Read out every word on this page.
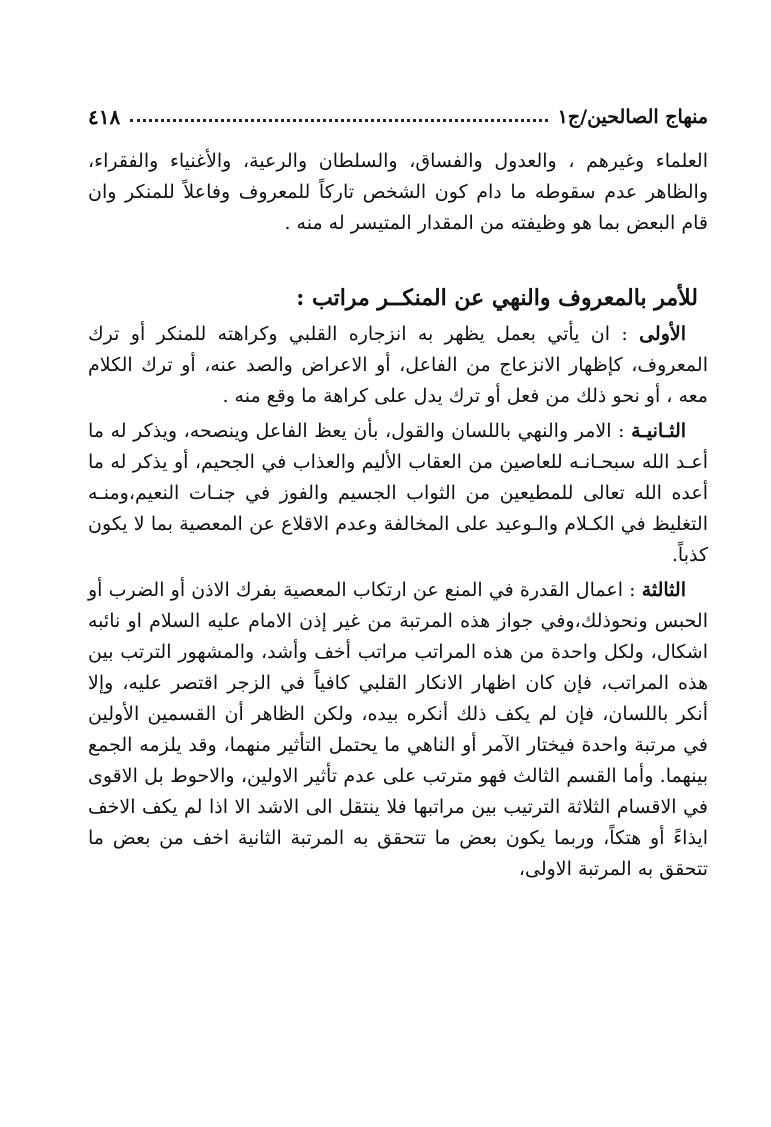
منهاج الصالحين/ج١
٤١٨

العلماء وغيرهم ، والعدول والفساق، والسلطان والرعية، والأغنياء والفقراء، والظاهر عدم سقوطه ما دام كون الشخص تاركاً للمعروف وفاعلاً للمنكر وان قام البعض بما هو وظيفته من المقدار المتيسر له منه .

للأمر بالمعروف والنهي عن المنكــر مراتب :

الأولى : ان يأتي بعمل يظهر به انزجاره القلبي وكراهته للمنكر أو ترك المعروف، كإظهار الانزعاج من الفاعل، أو الاعراض والصد عنه، أو ترك الكلام معه ، أو نحو ذلك من فعل أو ترك يدل على كراهة ما وقع منه .

الثـانيـة : الامر والنهي باللسان والقول، بأن يعظ الفاعل وينصحه، ويذكر له ما أعـد الله سبحـانـه للعاصين من العقاب الأليم والعذاب في الجحيم، أو يذكر له ما أعده الله تعالى للمطيعين من الثواب الجسيم والفوز في جنـات النعيم،ومنـه التغليظ في الكـلام والـوعيد على المخالفة وعدم الاقلاع عن المعصية بما لا يكون كذباً.

الثالثة : اعمال القدرة في المنع عن ارتكاب المعصية بفرك الاذن أو الضرب أو الحبس ونحوذلك،وفي جواز هذه المرتبة من غير إذن الامام عليه السلام او نائبه اشكال، ولكل واحدة من هذه المراتب مراتب أخف وأشد، والمشهور الترتب بين هذه المراتب، فإن كان اظهار الانكار القلبي كافياً في الزجر اقتصر عليه، وإلا أنكر باللسان، فإن لم يكف ذلك أنكره بيده، ولكن الظاهر أن القسمين الأولين في مرتبة واحدة فيختار الآمر أو الناهي ما يحتمل التأثير منهما، وقد يلزمه الجمع بينهما. وأما القسم الثالث فهو مترتب على عدم تأثير الاولين، والاحوط بل الاقوى في الاقسام الثلاثة الترتيب بين مراتبها فلا ينتقل الى الاشد الا اذا لم يكف الاخف ايذاءً أو هتكاً، وربما يكون بعض ما تتحقق به المرتبة الثانية اخف من بعض ما تتحقق به المرتبة الاولى،
